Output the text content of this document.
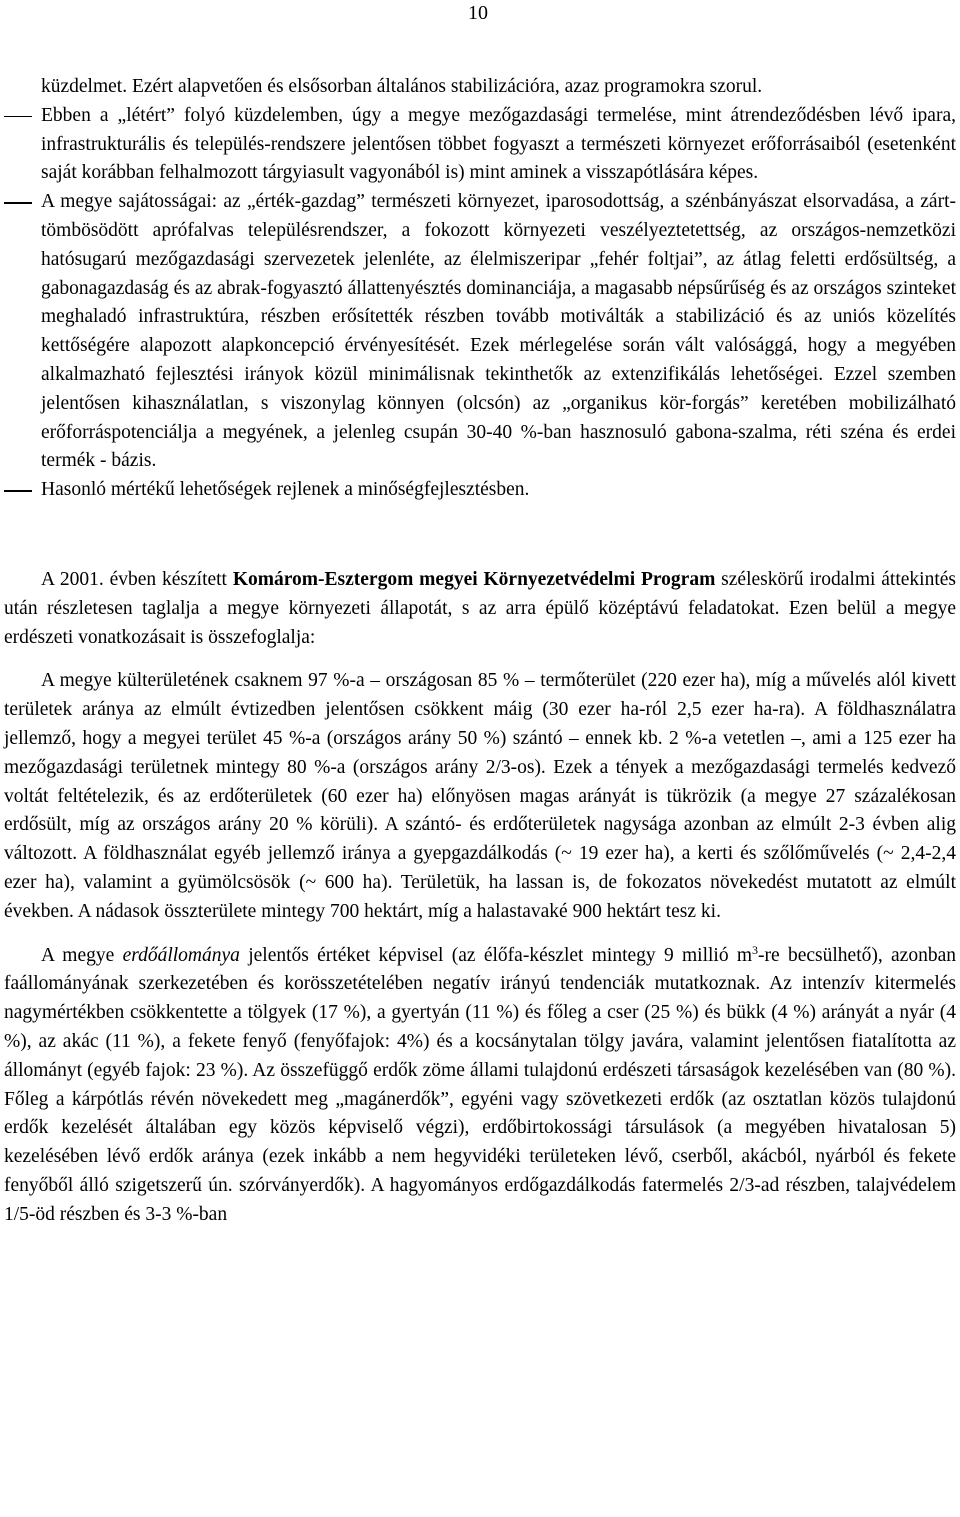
10

küzdelmet. Ezért alapvetően és elsősorban általános stabilizációra, azaz programokra szorul.

Ebben a „létért” folyó küzdelemben, úgy a megye mezőgazdasági termelése, mint átrendeződésben lévő ipara, infrastrukturális és település-rendszere jelentősen többet fogyaszt a természeti környezet erőforrásaiból (esetenként saját korábban felhalmozott tárgyiasult vagyonából is) mint aminek a visszapótlására képes.
A megye sajátosságai: az „érték-gazdag” természeti környezet, iparosodottság, a szénbányászat elsorvadása, a zárt-tömbösödött aprófalvas településrendszer, a fokozott környezeti veszélyeztetettség, az országos-nemzetközi hatósugarú mezőgazdasági szervezetek jelenléte, az élelmiszeripar „fehér foltjai”, az átlag feletti erdősültség, a gabonagazdaság és az abrak-fogyasztó állattenyésztés dominanciája, a magasabb népsűrűség és az országos szinteket meghaladó infrastruktúra, részben erősítették részben tovább motiválták a stabilizáció és az uniós közelítés kettőségére alapozott alapkoncepció érvényesítését. Ezek mérlegelése során vált valósággá, hogy a megyében alkalmazható fejlesztési irányok közül minimálisnak tekinthetők az extenzifikálás lehetőségei. Ezzel szemben jelentősen kihasználatlan, s viszonylag könnyen (olcsón) az „organikus kör-forgás” keretében mobilizálható erőforráspotenciálja a megyének, a jelenleg csupán 30-40 %-ban hasznosuló gabona-szalma, réti széna és erdei termék - bázis.
Hasonló mértékű lehetőségek rejlenek a minőségfejlesztésben.

A 2001. évben készített Komárom-Esztergom megyei Környezetvédelmi Program széleskörű irodalmi áttekintés után részletesen taglalja a megye környezeti állapotát, s az arra épülő középtávú feladatokat. Ezen belül a megye erdészeti vonatkozásait is összefoglalja:

A megye külterületének csaknem 97 %-a – országosan 85 % – termőterület (220 ezer ha), míg a művelés alól kivett területek aránya az elmúlt évtizedben jelentősen csökkent máig (30 ezer ha-ról 2,5 ezer ha-ra). A földhasználatra jellemző, hogy a megyei terület 45 %-a (országos arány 50 %) szántó – ennek kb. 2 %-a vetetlen –, ami a 125 ezer ha mezőgazdasági területnek mintegy 80 %-a (országos arány 2/3-os). Ezek a tények a mezőgazdasági termelés kedvező voltát feltételezik, és az erdőterületek (60 ezer ha) előnyösen magas arányát is tükrözik (a megye 27 százalékosan erdősült, míg az országos arány 20 % körüli). A szántó- és erdőterületek nagysága azonban az elmúlt 2-3 évben alig változott. A földhasználat egyéb jellemző iránya a gyepgazdálkodás (~ 19 ezer ha), a kerti és szőlőművelés (~ 2,4-2,4 ezer ha), valamint a gyümölcsösök (~ 600 ha). Területük, ha lassan is, de fokozatos növekedést mutatott az elmúlt években. A nádasok összterülete mintegy 700 hektárt, míg a halastavaké 900 hektárt tesz ki.

A megye erdőállománya jelentős értéket képvisel (az élőfa-készlet mintegy 9 millió $m^3-re$ becsülhető), azonban faállományának szerkezetében és korösszetételében negatív irányú tendenciák mutatkoznak. Az intenzív kitermelés nagymértékben csökkentette a tölgyek (17 %), a gyertyán (11 %) és főleg a cser (25 %) és bükk (4 %) arányát a nyár (4 %), az akác (11 %), a fekete fenyő (fenyőfajok: 4%) és a kocsánytalan tölgy javára, valamint jelentősen fiatalította az állományt (egyéb fajok: 23 %). Az összefüggő erdők zöme állami tulajdonú erdészeti társaságok kezelésében van (80 %). Főleg a kárpótlás révén növekedett meg „magánerdők”, egyéni vagy szövetkezeti erdők (az osztatlan közös tulajdonú erdők kezelését általában egy közös képviselő végzi), erdőbirtokossági társulások (a megyében hivatalosan 5) kezelésében lévő erdők aránya (ezek inkább a nem hegyvidéki területeken lévő, cserből, akácból, nyárból és fekete fenyőből álló szigetszerű ún. szórványerdők). A hagyományos erdőgazdálkodás fatermelés 2/3-ad részben, talajvédelem 1/5-öd részben és 3-3 %-ban
